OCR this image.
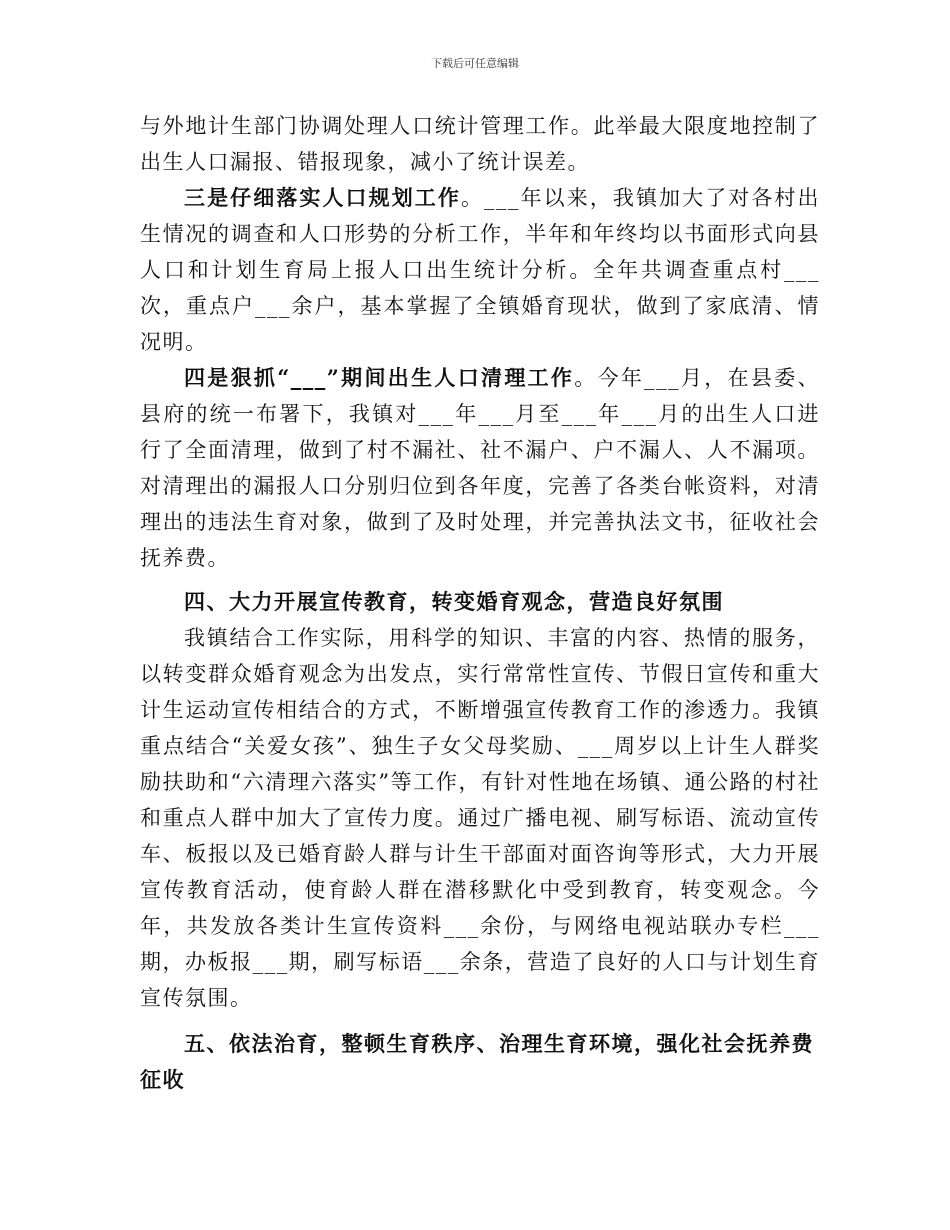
下载后可任意编辑

与外地计生部门协调处理人口统计管理工作。此举最大限度地控制了出生人口漏报、错报现象，减小了统计误差。

三是仔细落实人口规划工作。___年以来，我镇加大了对各村出生情况的调查和人口形势的分析工作，半年和年终均以书面形式向县人口和计划生育局上报人口出生统计分析。全年共调查重点村___次，重点户___余户，基本掌握了全镇婚育现状，做到了家底清、情况明。

四是狠抓“___”期间出生人口清理工作。今年___月，在县委、县府的统一布署下，我镇对___年___月至___年___月的出生人口进行了全面清理，做到了村不漏社、社不漏户、户不漏人、人不漏项。对清理出的漏报人口分别归位到各年度，完善了各类台帐资料，对清理出的违法生育对象，做到了及时处理，并完善执法文书，征收社会抚养费。

四、大力开展宣传教育，转变婚育观念，营造良好氛围

我镇结合工作实际，用科学的知识、丰富的内容、热情的服务，以转变群众婚育观念为出发点，实行常常性宣传、节假日宣传和重大计生运动宣传相结合的方式，不断增强宣传教育工作的渗透力。我镇重点结合“关爱女孩”、独生子女父母奖励、___周岁以上计生人群奖励扶助和“六清理六落实”等工作，有针对性地在场镇、通公路的村社和重点人群中加大了宣传力度。通过广播电视、刷写标语、流动宣传车、板报以及已婚育龄人群与计生干部面对面咨询等形式，大力开展宣传教育活动，使育龄人群在潜移默化中受到教育，转变观念。今年，共发放各类计生宣传资料___余份，与网络电视站联办专栏___期，办板报___期，刷写标语___余条，营造了良好的人口与计划生育宣传氛围。

五、依法治育，整顿生育秩序、治理生育环境，强化社会抚养费征收
